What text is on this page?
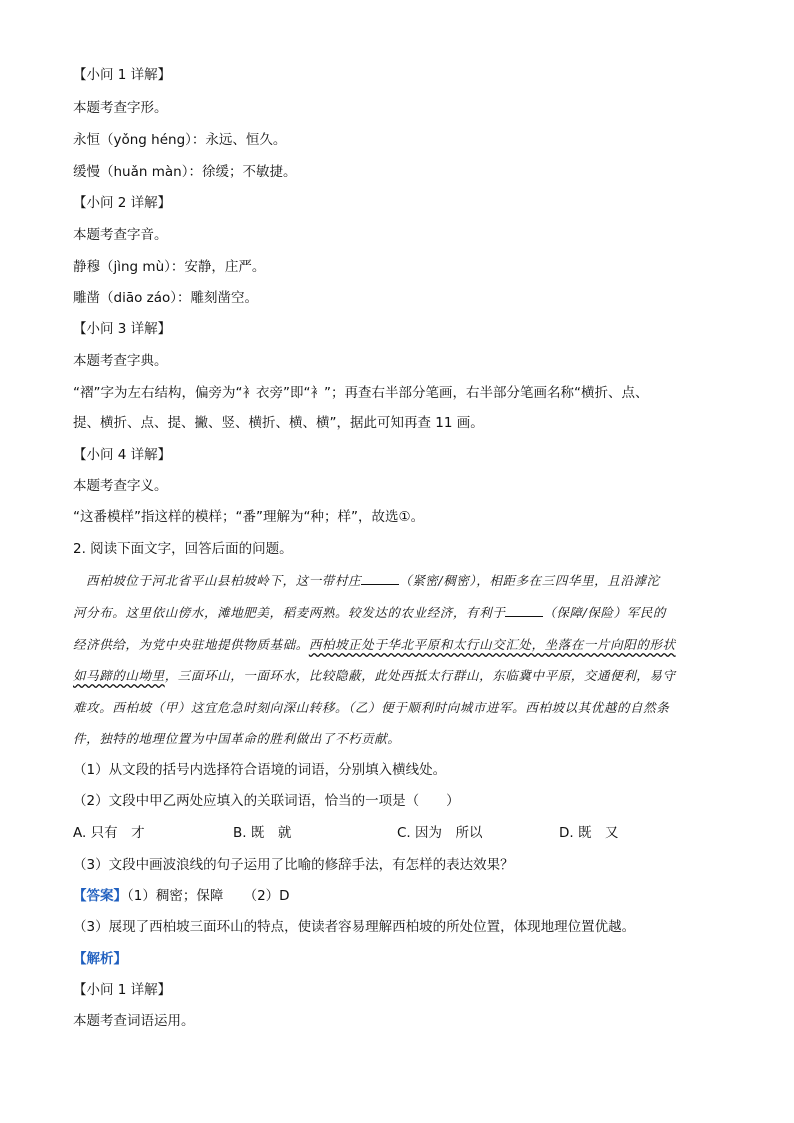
【小问 1 详解】
本题考查字形。
永恒（yǒng héng）：永远、恒久。
缓慢（huǎn màn）：徐缓；不敏捷。
【小问 2 详解】
本题考查字音。
静穆（jìng mù）：安静，庄严。
雕凿（diāo záo）：雕刻凿空。
【小问 3 详解】
本题考查字典。
“褶”字为左右结构，偏旁为“衤衣旁”即“衤”；再查右半部分笔画，右半部分笔画名称“横折、点、
提、横折、点、提、撇、竖、横折、横、横”，据此可知再查 11 画。
【小问 4 详解】
本题考查字义。
“这番模样”指这样的模样；“番”理解为“种；样”，故选①。
2. 阅读下面文字，回答后面的问题。
西柏坡位于河北省平山县柏坡岭下，这一带村庄	（紧密/稠密），相距多在三四华里，且沿滹沱
河分布。这里依山傍水，滩地肥美，稻麦两熟。较发达的农业经济，有利于	（保障/保险）军民的
经济供给，为党中央驻地提供物质基础。西柏坡正处于华北平原和太行山交汇处，坐落在一片向阳的形状
如马蹄的山坳里，三面环山，一面环水，比较隐蔽，此处西抵太行群山，东临冀中平原，交通便利，易守
难攻。西柏坡（甲）这宜危急时刻向深山转移。（乙）便于顺利时向城市进军。西柏坡以其优越的自然条
件，独特的地理位置为中国革命的胜利做出了不朽贡献。
（1）从文段的括号内选择符合语境的词语，分别填入横线处。
（2）文段中甲乙两处应填入的关联词语，恰当的一项是（　　）
A. 只有　才	B. 既　就	C. 因为　所以	D. 既　又
（3）文段中画波浪线的句子运用了比喻的修辞手法，有怎样的表达效果？
【答案】（1）稠密；保障　　（2）D
（3）展现了西柏坡三面环山的特点，使读者容易理解西柏坡的所处位置，体现地理位置优越。
【解析】
【小问 1 详解】
本题考查词语运用。
